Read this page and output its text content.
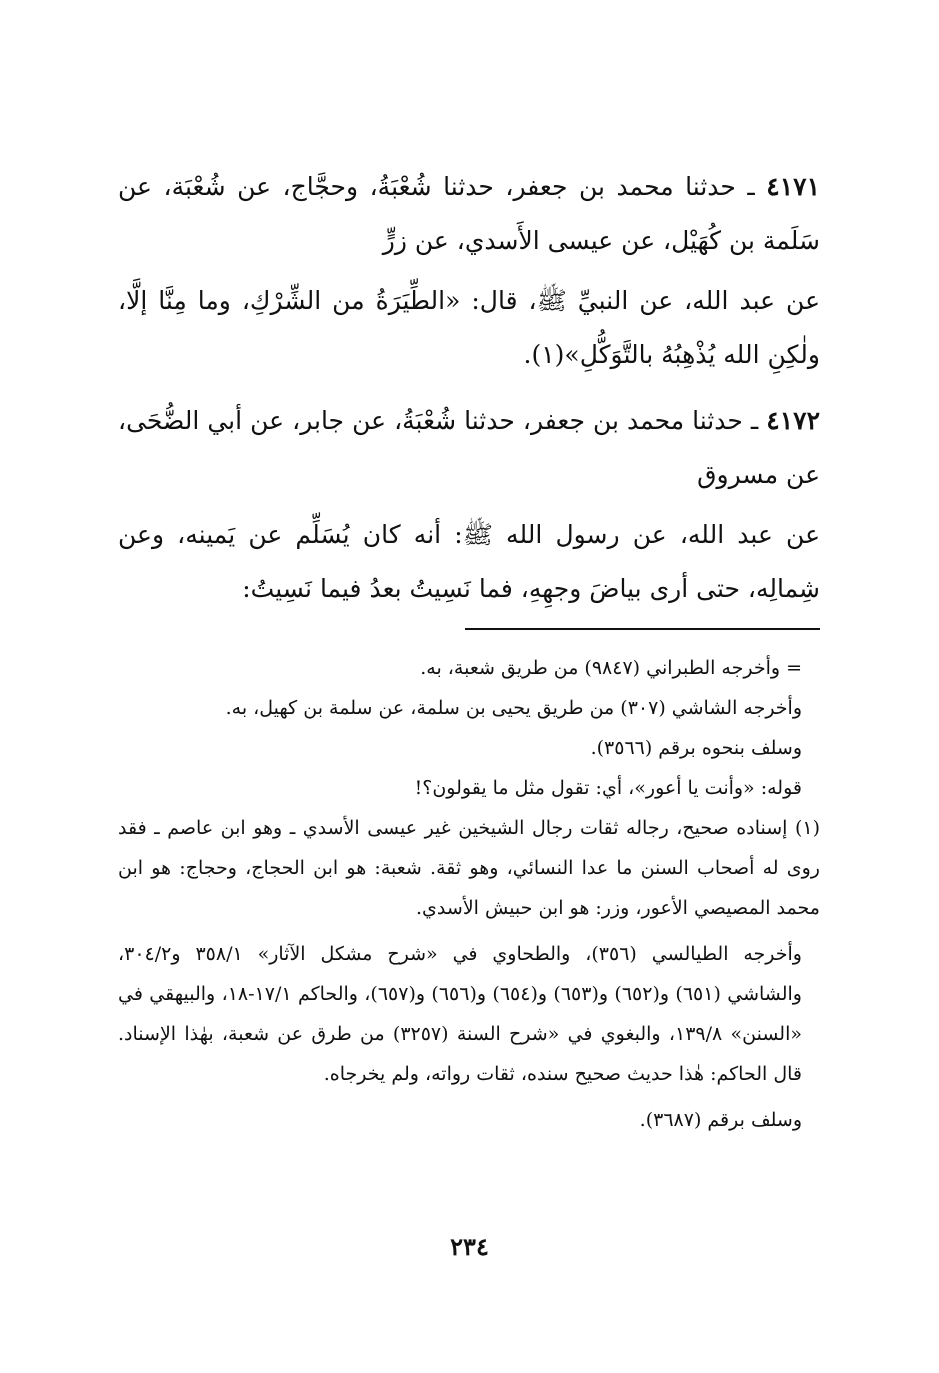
٤١٧١ ـ حدثنا محمد بن جعفر، حدثنا شُعْبَةُ، وحجَّاج، عن شُعْبَة، عن سَلَمة بن كُهَيْل، عن عيسى الأَسدي، عن زرٍّ

عن عبد الله، عن النبيِّ ﷺ، قال: «الطِّيَرَةُ من الشِّرْكِ، وما مِنَّا إلَّا، ولٰكِنِ الله يُذْهِبُهُ بالتَّوَكُّلِ»(١).

٤١٧٢ ـ حدثنا محمد بن جعفر، حدثنا شُعْبَةُ، عن جابر، عن أبي الضُّحَى، عن مسروق

عن عبد الله، عن رسول الله ﷺ: أنه كان يُسَلِّم عن يَمينه، وعن شِمالِه، حتى أرى بياضَ وجهِهِ، فما نَسِيتُ بعدُ فيما نَسِيتُ:

= وأخرجه الطبراني (٩٨٤٧) من طريق شعبة، به.

وأخرجه الشاشي (٣٠٧) من طريق يحيى بن سلمة، عن سلمة بن كهيل، به.

وسلف بنحوه برقم (٣٥٦٦).

قوله: «وأنت يا أعور»، أي: تقول مثل ما يقولون؟!

(١) إسناده صحيح، رجاله ثقات رجال الشيخين غير عيسى الأسدي ـ وهو ابن عاصم ـ فقد روى له أصحاب السنن ما عدا النسائي، وهو ثقة. شعبة: هو ابن الحجاج، وحجاج: هو ابن محمد المصيصي الأعور، وزر: هو ابن حبيش الأسدي.

وأخرجه الطيالسي (٣٥٦)، والطحاوي في «شرح مشكل الآثار» ٣٥٨/١ و٣٠٤/٢، والشاشي (٦٥١) و(٦٥٢) و(٦٥٣) و(٦٥٤) و(٦٥٦) و(٦٥٧)، والحاكم ١٧/١-١٨، والبيهقي في «السنن» ١٣٩/٨، والبغوي في «شرح السنة (٣٢٥٧) من طرق عن شعبة، بهٰذا الإسناد. قال الحاكم: هٰذا حديث صحيح سنده، ثقات رواته، ولم يخرجاه.

وسلف برقم (٣٦٨٧).

٢٣٤
